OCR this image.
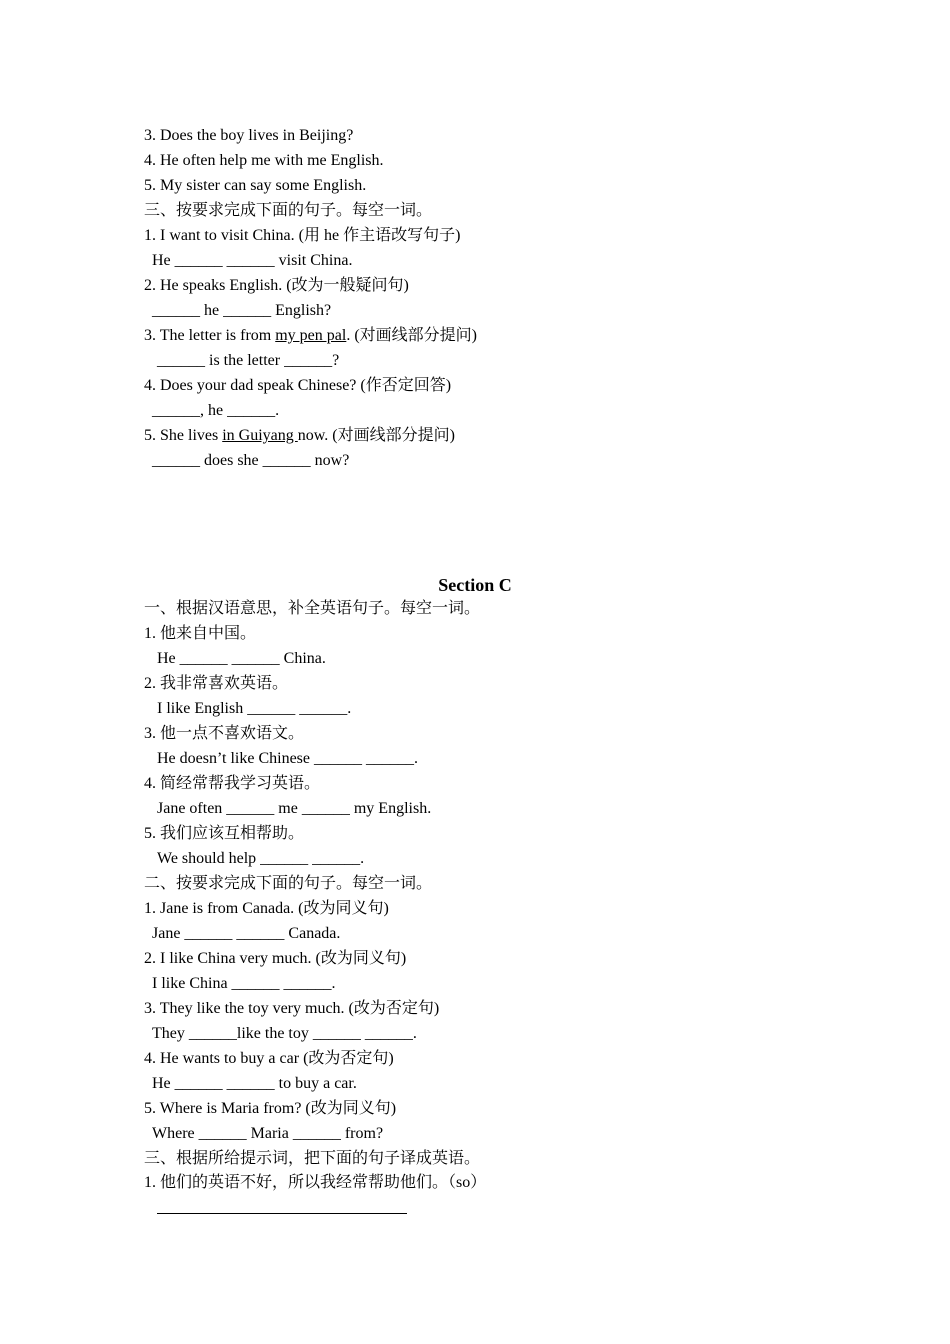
3. Does the boy lives in Beijing?
4. He often help me with me English.
5. My sister can say some English.
三、按要求完成下面的句子。每空一词。
1. I want to visit China. (用 he 作主语改写句子)
He ______ ______ visit China.
2. He speaks English. (改为一般疑问句)
______ he ______ English?
3. The letter is from my pen pal. (对画线部分提问)
______ is the letter ______?
4. Does your dad speak Chinese? (作否定回答)
______, he ______.
5. She lives in Guiyang now. (对画线部分提问)
______ does she ______ now?
Section C
一、根据汉语意思，补全英语句子。每空一词。
1. 他来自中国。
He ______ ______ China.
2. 我非常喜欢英语。
I like English ______ ______.
3. 他一点不喜欢语文。
He doesn’t like Chinese ______ ______.
4. 简经常帮我学习英语。
Jane often ______ me ______ my English.
5. 我们应该互相帮助。
We should help ______ ______.
二、按要求完成下面的句子。每空一词。
1. Jane is from Canada. (改为同义句)
Jane ______ ______ Canada.
2. I like China very much. (改为同义句)
I like China ______ ______.
3. They like the toy very much. (改为否定句)
They ______like the toy ______ ______.
4. He wants to buy a car (改为否定句)
He ______ ______ to buy a car.
5. Where is Maria from? (改为同义句)
Where ______ Maria ______ from?
三、根据所给提示词，把下面的句子译成英语。
1. 他们的英语不好，所以我经常帮助他们。（so）
